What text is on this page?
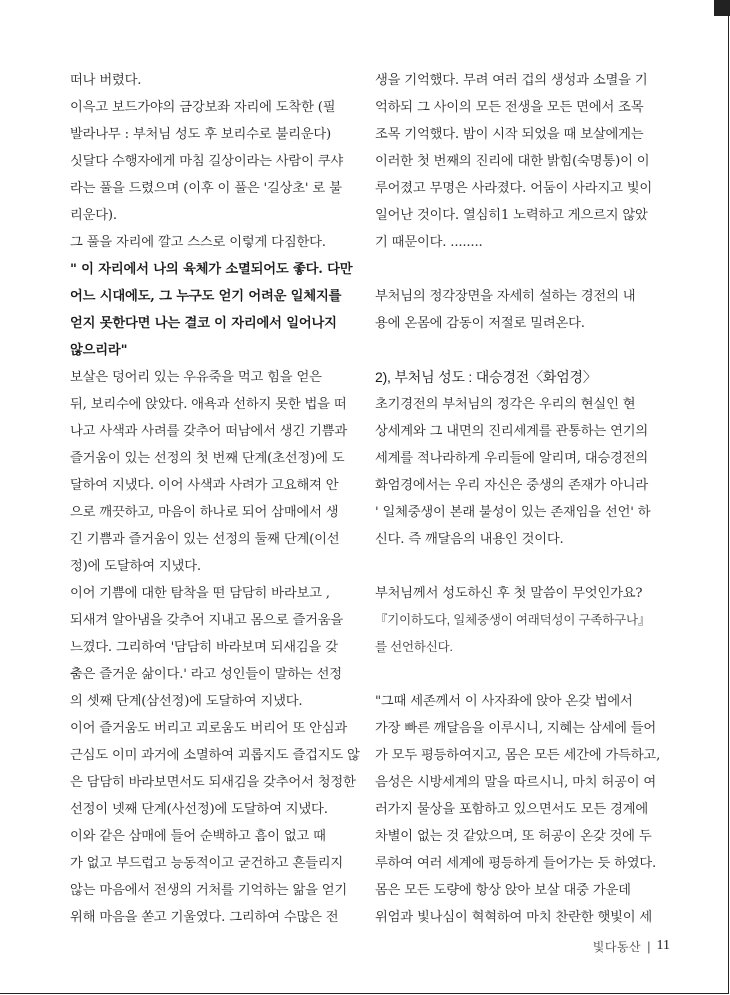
떠나 버렸다.
이윽고 보드가야의 금강보좌 자리에 도착한 (필
발라나무 : 부처님 성도 후 보리수로 불리운다)
싯달다 수행자에게 마침 길상이라는 사람이 쿠샤
라는 풀을 드렸으며 (이후 이 풀은 '길상초' 로 불
리운다).
그 풀을 자리에 깔고 스스로 이렇게 다짐한다.
" 이 자리에서 나의 육체가 소멸되어도 좋다. 다만
어느 시대에도, 그 누구도 얻기 어려운 일체지를
얻지 못한다면 나는 결코 이 자리에서 일어나지
않으리라"
보살은 덩어리 있는 우유죽을 먹고 힘을 얻은
뒤, 보리수에 앉았다. 애욕과 선하지 못한 법을 떠
나고 사색과 사려를 갖추어 떠남에서 생긴 기쁨과
즐거움이 있는 선정의 첫 번째 단계(초선정)에 도
달하여 지냈다. 이어 사색과 사려가 고요해져 안
으로 깨끗하고, 마음이 하나로 되어 삼매에서 생
긴 기쁨과 즐거움이 있는 선정의 둘째 단계(이선
정)에 도달하여 지냈다.
이어 기쁨에 대한 탐착을 떤 담담히 바라보고 ,
되새겨 알아냄을 갖추어 지내고 몸으로 즐거움을
느꼈다. 그리하여 '담담히 바라보며 되새김을 갖
춤은 즐거운 삶이다.' 라고 성인들이 말하는 선정
의 셋째 단계(삼선정)에 도달하여 지냈다.
이어 즐거움도 버리고 괴로움도 버리어 또 안심과
근심도 이미 과거에 소멸하여 괴롭지도 즐겁지도 않
은 담담히 바라보면서도 되새김을 갖추어서 청정한
선정이 넷째 단계(사선정)에 도달하여 지냈다.
이와 같은 삼매에 들어 순백하고 흠이 없고 때
가 없고 부드럽고 능동적이고 굳건하고 흔들리지
않는 마음에서 전생의 거처를 기억하는 앎을 얻기
위해 마음을 쏟고 기울였다. 그리하여 수많은 전
생을 기억했다. 무려 여러 겁의 생성과 소멸을 기
억하되 그 사이의 모든 전생을 모든 면에서 조목
조목 기억했다. 밤이 시작 되었을 때 보살에게는
이러한 첫 번째의 진리에 대한 밝힘(숙명통)이 이
루어졌고 무명은 사라졌다. 어둠이 사라지고 빛이
일어난 것이다. 열심히1 노력하고 게으르지 않았
기 때문이다. ........
부처님의 정각장면을 자세히 설하는 경전의 내
용에 온몸에 감동이 저절로 밀려온다.
2), 부처님 성도 : 대승경전〈화엄경〉
초기경전의 부처님의 정각은 우리의 현실인 현
상세계와 그 내면의 진리세계를 관통하는 연기의
세계를 적나라하게 우리들에 알리며, 대승경전의
화엄경에서는 우리 자신은 중생의 존재가 아니라
' 일체중생이 본래 불성이 있는 존재임을 선언' 하
신다. 즉 깨달음의 내용인 것이다.
부처님께서 성도하신 후 첫 말씀이 무엇인가요?
『기이하도다, 일체중생이 여래덕성이 구족하구나』
를 선언하신다.
"그때 세존께서 이 사자좌에 앉아 온갖 법에서
가장 빠른 깨달음을 이루시니, 지혜는 삼세에 들어
가 모두 평등하여지고, 몸은 모든 세간에 가득하고,
음성은 시방세계의 말을 따르시니, 마치 허공이 여
러가지 물상을 포함하고 있으면서도 모든 경계에
차별이 없는 것 같았으며, 또 허공이 온갖 것에 두
루하여 여러 세계에 평등하게 들어가는 듯 하였다.
몸은 모든 도량에 항상 앉아 보살 대중 가운데
위엄과 빛나심이 혁혁하여 마치 찬란한 햇빛이 세
빛다동산 | 11
